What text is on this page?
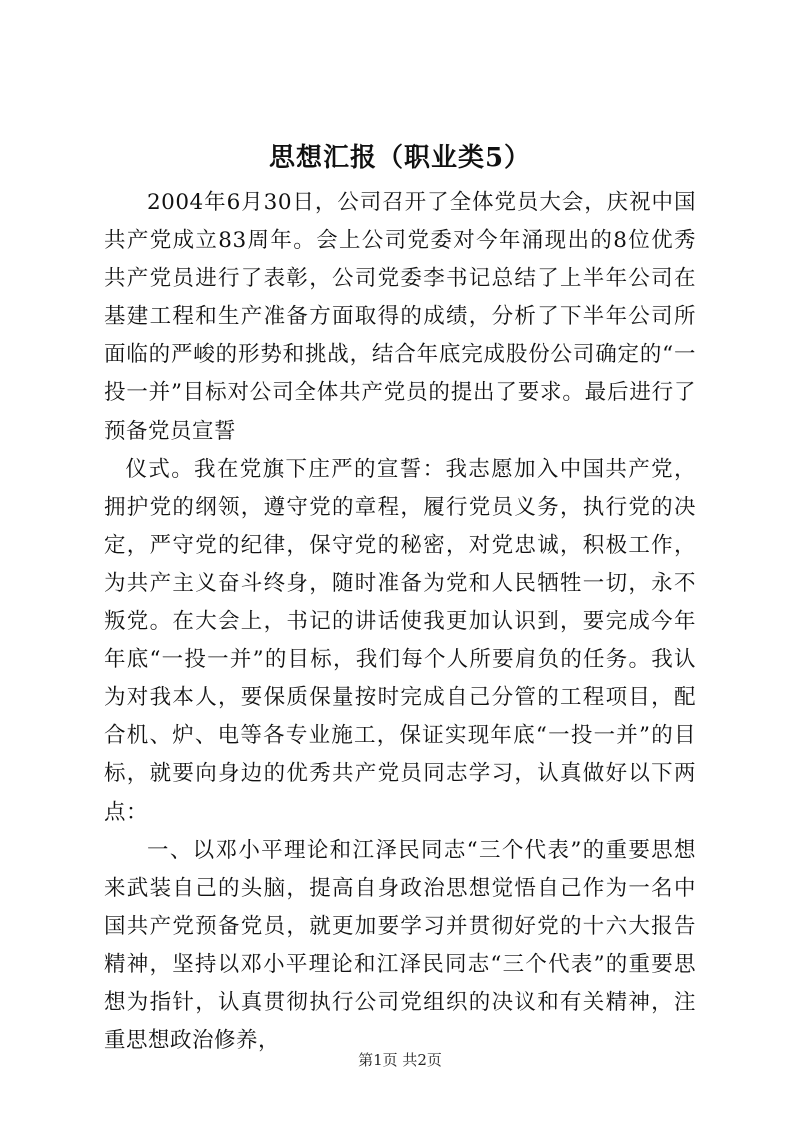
思想汇报（职业类5）

2004年6月30日，公司召开了全体党员大会，庆祝中国共产党成立83周年。会上公司党委对今年涌现出的8位优秀共产党员进行了表彰，公司党委李书记总结了上半年公司在基建工程和生产准备方面取得的成绩，分析了下半年公司所面临的严峻的形势和挑战，结合年底完成股份公司确定的“一投一并”目标对公司全体共产党员的提出了要求。最后进行了预备党员宣誓

仪式。我在党旗下庄严的宣誓：我志愿加入中国共产党，拥护党的纲领，遵守党的章程，履行党员义务，执行党的决定，严守党的纪律，保守党的秘密，对党忠诚，积极工作，为共产主义奋斗终身，随时准备为党和人民牺牲一切，永不叛党。在大会上，书记的讲话使我更加认识到，要完成今年年底“一投一并”的目标，我们每个人所要肩负的任务。我认为对我本人，要保质保量按时完成自己分管的工程项目，配合机、炉、电等各专业施工，保证实现年底“一投一并”的目标，就要向身边的优秀共产党员同志学习，认真做好以下两点：

一、以邓小平理论和江泽民同志“三个代表”的重要思想来武装自己的头脑，提高自身政治思想觉悟自己作为一名中国共产党预备党员，就更加要学习并贯彻好党的十六大报告精神，坚持以邓小平理论和江泽民同志“三个代表”的重要思想为指针，认真贯彻执行公司党组织的决议和有关精神，注重思想政治修养，

第1页 共2页
